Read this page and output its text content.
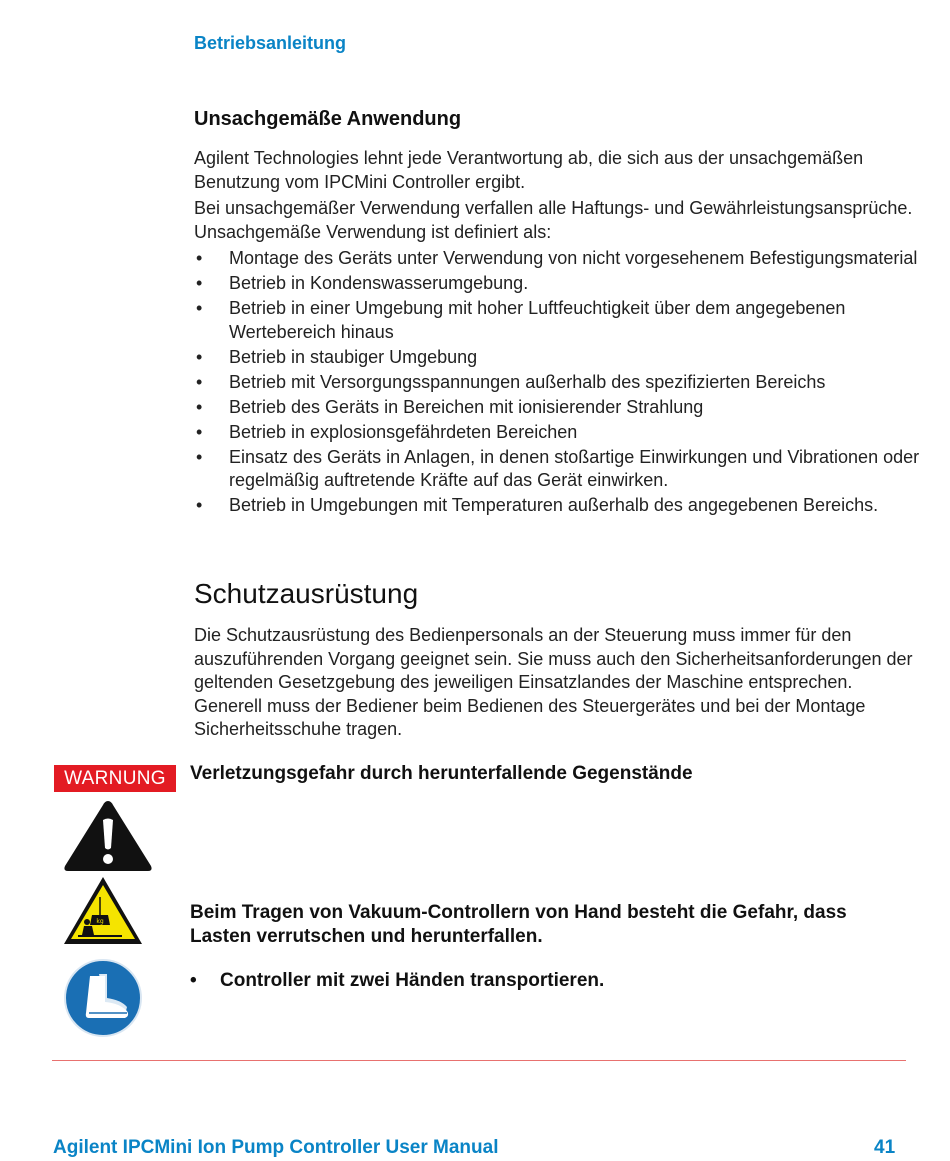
Betriebsanleitung
Unsachgemäße Anwendung
Agilent Technologies lehnt jede Verantwortung ab, die sich aus der unsachgemäßen Benutzung vom IPCMini Controller ergibt.
Bei unsachgemäßer Verwendung verfallen alle Haftungs- und Gewährleistungsansprüche. Unsachgemäße Verwendung ist definiert als:
• Montage des Geräts unter Verwendung von nicht vorgesehenem Befestigungsmaterial
• Betrieb in Kondenswasserumgebung.
• Betrieb in einer Umgebung mit hoher Luftfeuchtigkeit über dem angegebenen Wertebereich hinaus
• Betrieb in staubiger Umgebung
• Betrieb mit Versorgungsspannungen außerhalb des spezifizierten Bereichs
• Betrieb des Geräts in Bereichen mit ionisierender Strahlung
• Betrieb in explosionsgefährdeten Bereichen
• Einsatz des Geräts in Anlagen, in denen stoßartige Einwirkungen und Vibrationen oder regelmäßig auftretende Kräfte auf das Gerät einwirken.
• Betrieb in Umgebungen mit Temperaturen außerhalb des angegebenen Bereichs.
Schutzausrüstung
Die Schutzausrüstung des Bedienpersonals an der Steuerung muss immer für den auszuführenden Vorgang geeignet sein. Sie muss auch den Sicherheitsanforderungen der geltenden Gesetzgebung des jeweiligen Einsatzlandes der Maschine entsprechen. Generell muss der Bediener beim Bedienen des Steuergerätes und bei der Montage Sicherheitsschuhe tragen.
WARNUNG	Verletzungsgefahr durch herunterfallende Gegenstände
kg	Beim Tragen von Vakuum-Controllern von Hand besteht die Gefahr, dass Lasten verrutschen und herunterfallen.
• Controller mit zwei Händen transportieren.
Agilent IPCMini Ion Pump Controller User Manual	41
